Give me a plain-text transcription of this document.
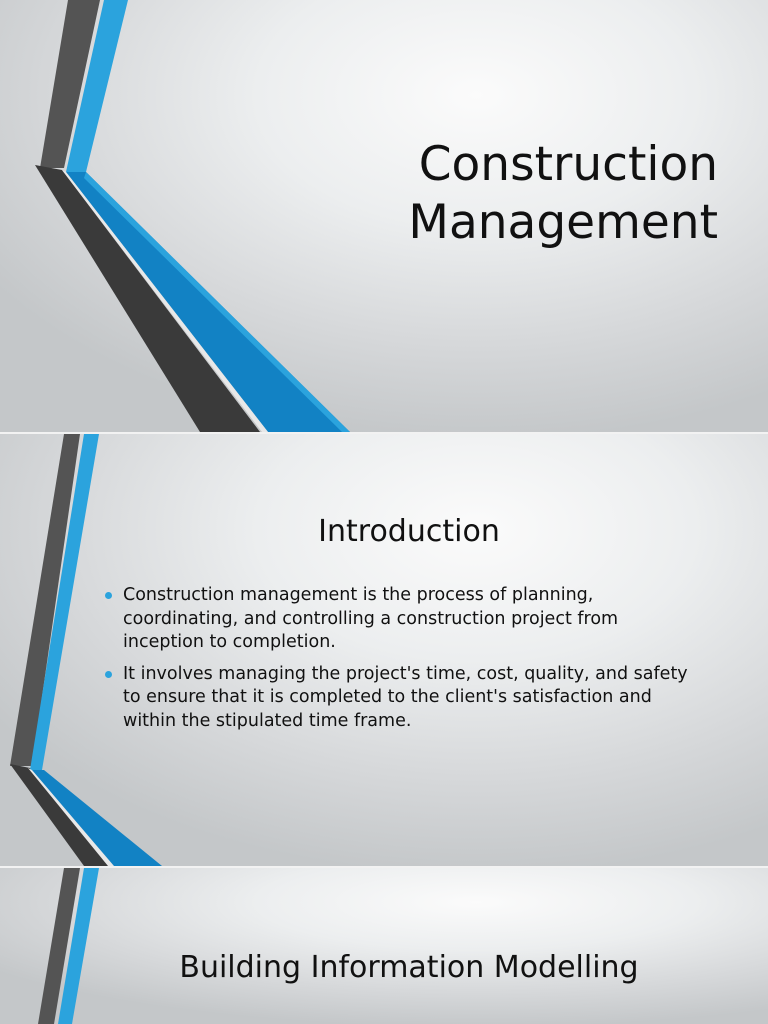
Construction
Management
Introduction
Construction management is the process of planning, coordinating, and controlling a construction project from inception to completion.
It involves managing the project's time, cost, quality, and safety to ensure that it is completed to the client's satisfaction and within the stipulated time frame.
Building Information Modelling
